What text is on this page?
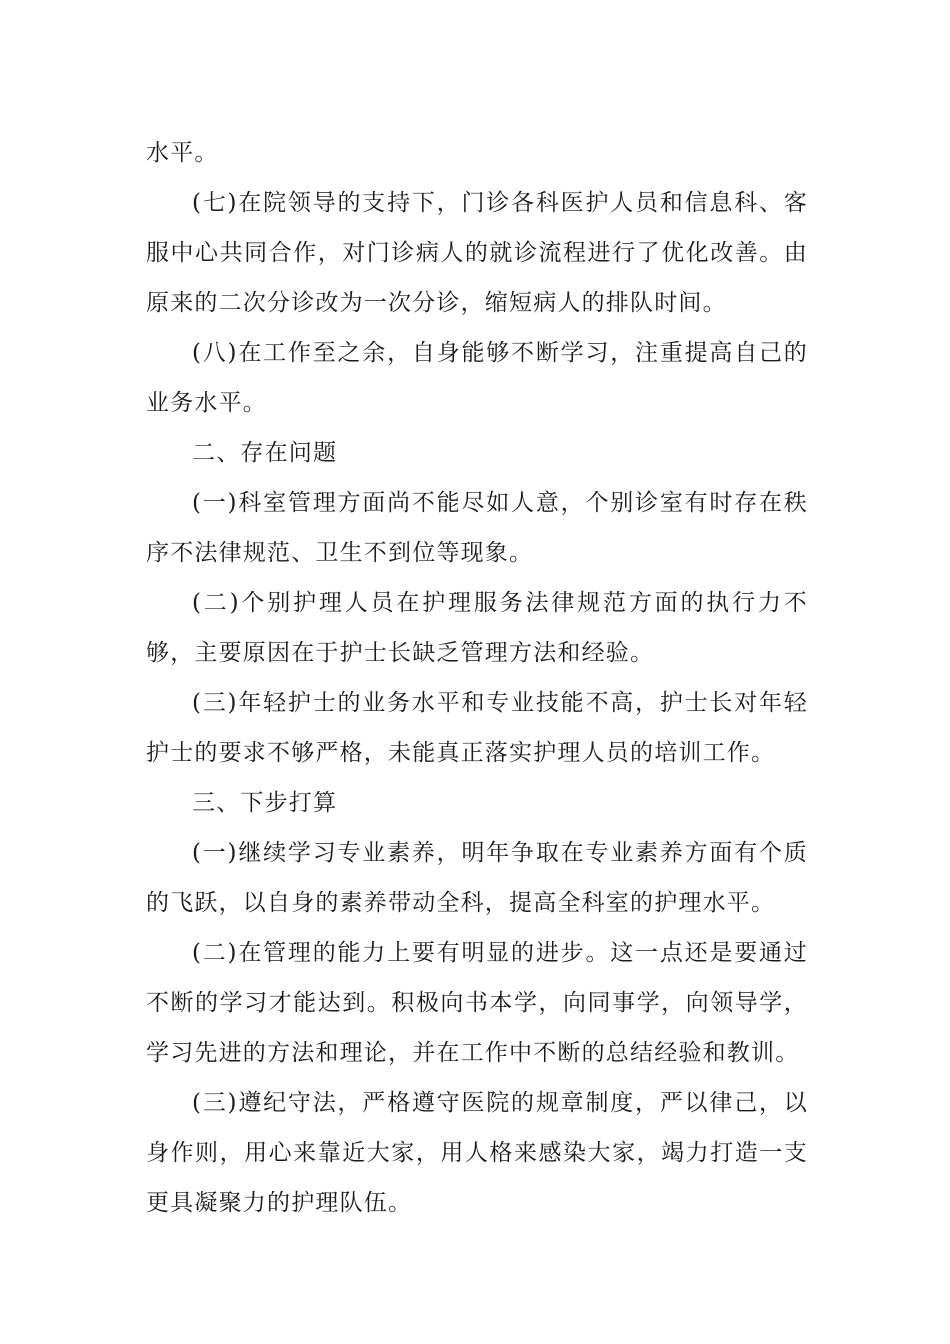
水平。

(七)在院领导的支持下，门诊各科医护人员和信息科、客服中心共同合作，对门诊病人的就诊流程进行了优化改善。由原来的二次分诊改为一次分诊，缩短病人的排队时间。

(八)在工作至之余，自身能够不断学习，注重提高自己的业务水平。

二、存在问题

(一)科室管理方面尚不能尽如人意，个别诊室有时存在秩序不法律规范、卫生不到位等现象。

(二)个别护理人员在护理服务法律规范方面的执行力不够，主要原因在于护士长缺乏管理方法和经验。

(三)年轻护士的业务水平和专业技能不高，护士长对年轻护士的要求不够严格，未能真正落实护理人员的培训工作。

三、下步打算

(一)继续学习专业素养，明年争取在专业素养方面有个质的飞跃，以自身的素养带动全科，提高全科室的护理水平。

(二)在管理的能力上要有明显的进步。这一点还是要通过不断的学习才能达到。积极向书本学，向同事学，向领导学，学习先进的方法和理论，并在工作中不断的总结经验和教训。

(三)遵纪守法，严格遵守医院的规章制度，严以律己，以身作则，用心来靠近大家，用人格来感染大家，竭力打造一支更具凝聚力的护理队伍。
